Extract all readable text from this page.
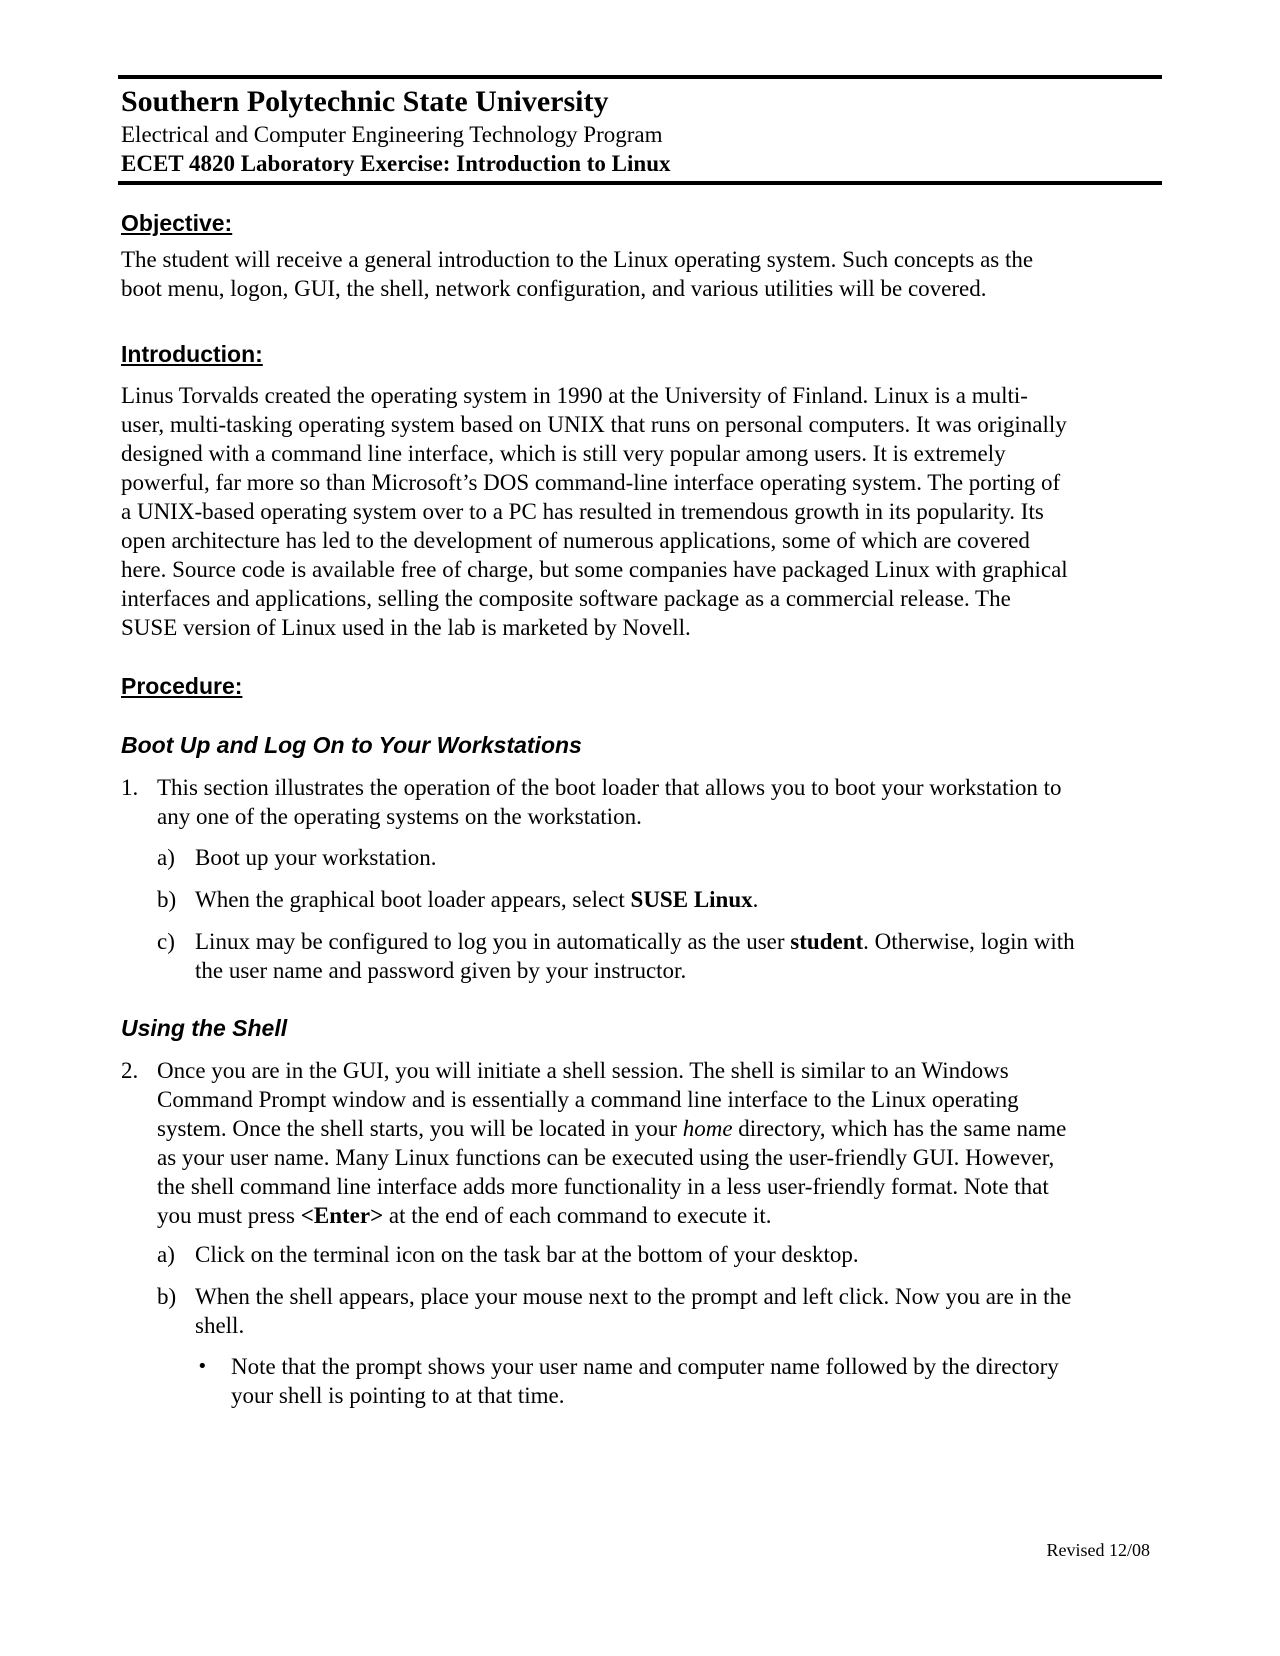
Southern Polytechnic State University
Electrical and Computer Engineering Technology Program
ECET 4820 Laboratory Exercise: Introduction to Linux
Objective:

The student will receive a general introduction to the Linux operating system. Such concepts as the

boot menu, logon, GUI, the shell, network configuration, and various utilities will be covered.

Introduction:

Linus Torvalds created the operating system in 1990 at the University of Finland. Linux is a multi-

user, multi-tasking operating system based on UNIX that runs on personal computers. It was originally

designed with a command line interface, which is still very popular among users. It is extremely

powerful, far more so than Microsoft’s DOS command-line interface operating system. The porting of

a UNIX-based operating system over to a PC has resulted in tremendous growth in its popularity. Its

open architecture has led to the development of numerous applications, some of which are covered

here. Source code is available free of charge, but some companies have packaged Linux with graphical

interfaces and applications, selling the composite software package as a commercial release. The

SUSE version of Linux used in the lab is marketed by Novell.

Procedure:
Boot Up and Log On to Your Workstations
1. This section illustrates the operation of the boot loader that allows you to boot your workstation to

any one of the operating systems on the workstation.

a) Boot up your workstation.

b) When the graphical boot loader appears, select SUSE Linux.

c) Linux may be configured to log you in automatically as the user student. Otherwise, login with

the user name and password given by your instructor.

Using the Shell
2. Once you are in the GUI, you will initiate a shell session. The shell is similar to an Windows

Command Prompt window and is essentially a command line interface to the Linux operating

system. Once the shell starts, you will be located in your home directory, which has the same name

as your user name. Many Linux functions can be executed using the user-friendly GUI. However,

the shell command line interface adds more functionality in a less user-friendly format. Note that

you must press <Enter> at the end of each command to execute it.

a) Click on the terminal icon on the task bar at the bottom of your desktop.

b) When the shell appears, place your mouse next to the prompt and left click. Now you are in the

shell.

• Note that the prompt shows your user name and computer name followed by the directory

your shell is pointing to at that time.

Revised 12/08
